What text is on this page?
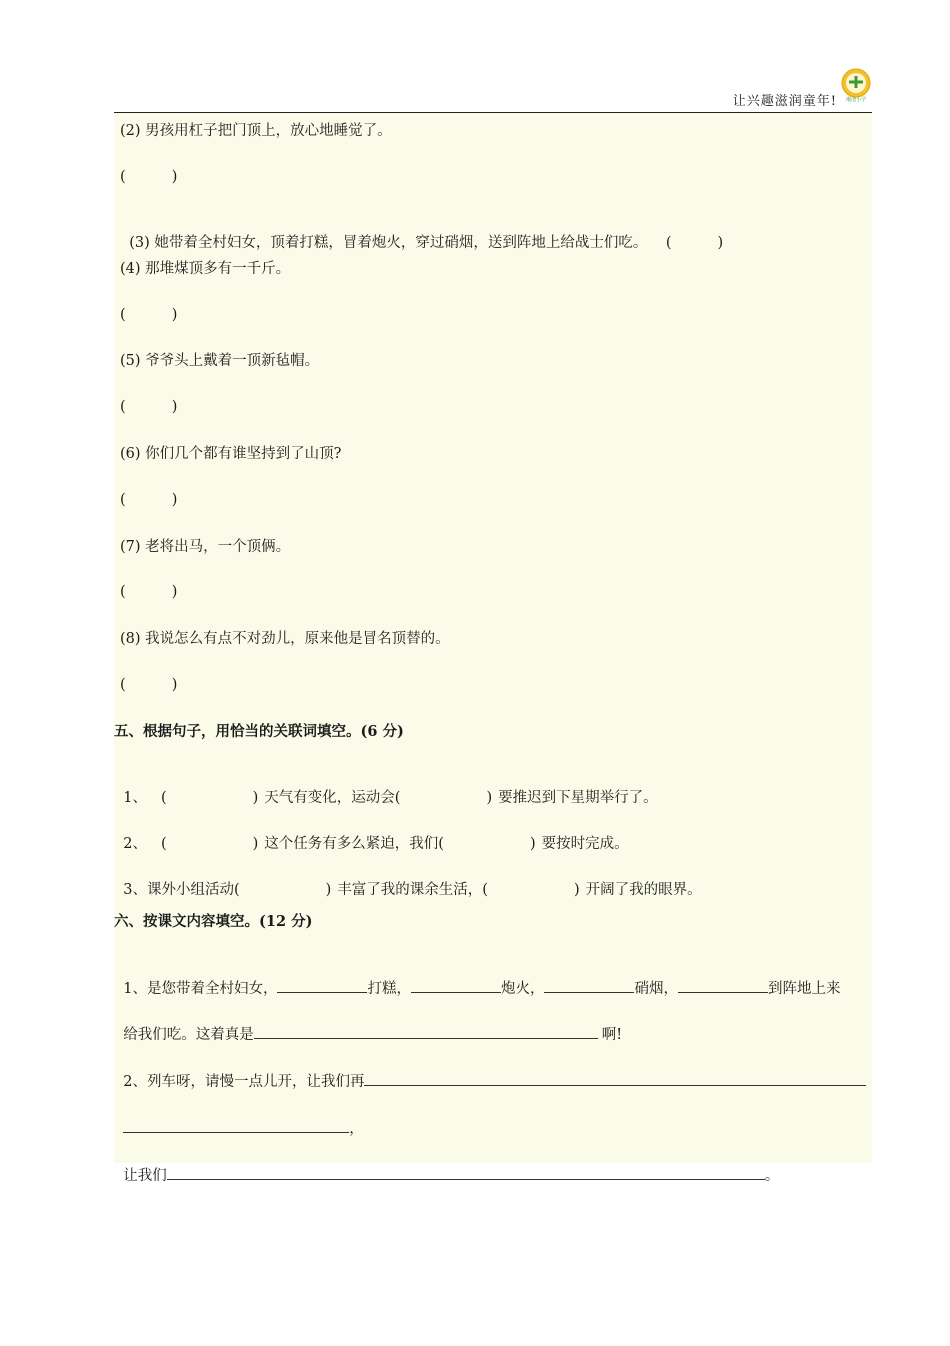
让兴趣滋润童年! 潮池小学
(2) 男孩用杠子把门顶上，放心地睡觉了。
(          )

(3) 她带着全村妇女，顶着打糕，冒着炮火，穿过硝烟，送到阵地上给战士们吃。 (          )

(4) 那堆煤顶多有一千斤。
(          )
(5) 爷爷头上戴着一顶新毡帽。
(          )
(6) 你们几个都有谁坚持到了山顶?
(          )
(7) 老将出马，一个顶俩。
(          )
(8) 我说怎么有点不对劲儿，原来他是冒名顶替的。
(          )
五、根据句子，用恰当的关联词填空。(6 分)

1、 (	) 天气有变化，运动会(	) 要推迟到下星期举行了。

2、 (	) 这个任务有多么紧迫，我们(	) 要按时完成。

3、课外小组活动(	) 丰富了我的课余生活，(	) 开阔了我的眼界。

六、按课文内容填空。(12 分)

1、是您带着全村妇女，	打糕，	炮火，	硝烟，	到阵地上来

给我们吃。这着真是	啊!

2、列车呀，请慢一点儿开，让我们再

，

让我们	。
